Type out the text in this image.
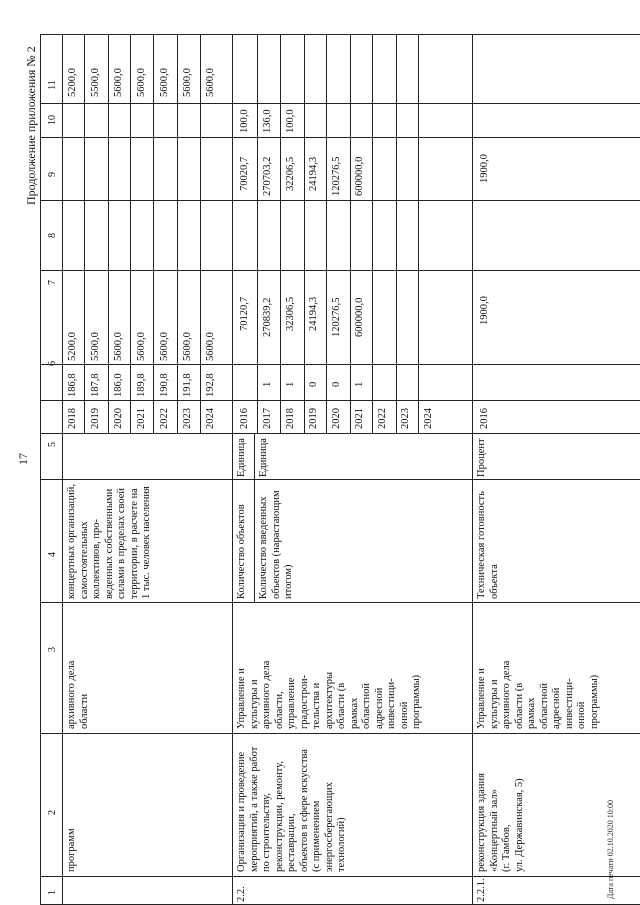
17
Продолжение приложения № 2
Дата печати 02.10.2020 10:00
1
2
3
4
5
6
7
8
9
10
11
программ
архивного дела
области
концертных организаций,
самостоятельных
коллективов, про-
веденных собственными
силами в пределах своей
территории, в расчете на
1 тыс. человек населения
2018 2019 2020 2021 2022 2023 2024
186,8 187,8 186,0 189,8 190,8 191,8 192,8
5200,0 5500,0 5600,0 5600,0 5600,0 5600,0 5600,0
5200,0 5500,0 5600,0 5600,0 5600,0 5600,0 5600,0
2.2.
Организация и проведение
мероприятий, а также работ
по строительству,
реконструкции, ремонту,
реставрации,
объектов в сфере искусства
(с применением
энергосберегающих
технологий)
Управление и
культуры и
архивного дела
области,
управление
градострои-
тельства и
архитектуры
области (в
рамках
областной
адресной
инвестици-
онной
программы)
Количество объектов
Единица
Количество введенных
объектов (нарастающим
итогом)
Единица
2016 2017 2018 2019 2020 2021 2022 2023 2024
1 1 0 0 1
70120,7 270839,2 32306,5 24194,3 120276,5 600000,0
70020,7 270703,2 32206,5 24194,3 120276,5 600000,0
100,0 136,0 100,0
2.2.1.
реконструкция здания
«Концертный зал»
(г. Тамбов,
ул. Державинская, 5)
Управление и
культуры и
архивного дела
области (в
рамках
областной
адресной
инвестици-
онной
программы)
Техническая готовность
объекта
Процент
2016
1900,0
1900,0
